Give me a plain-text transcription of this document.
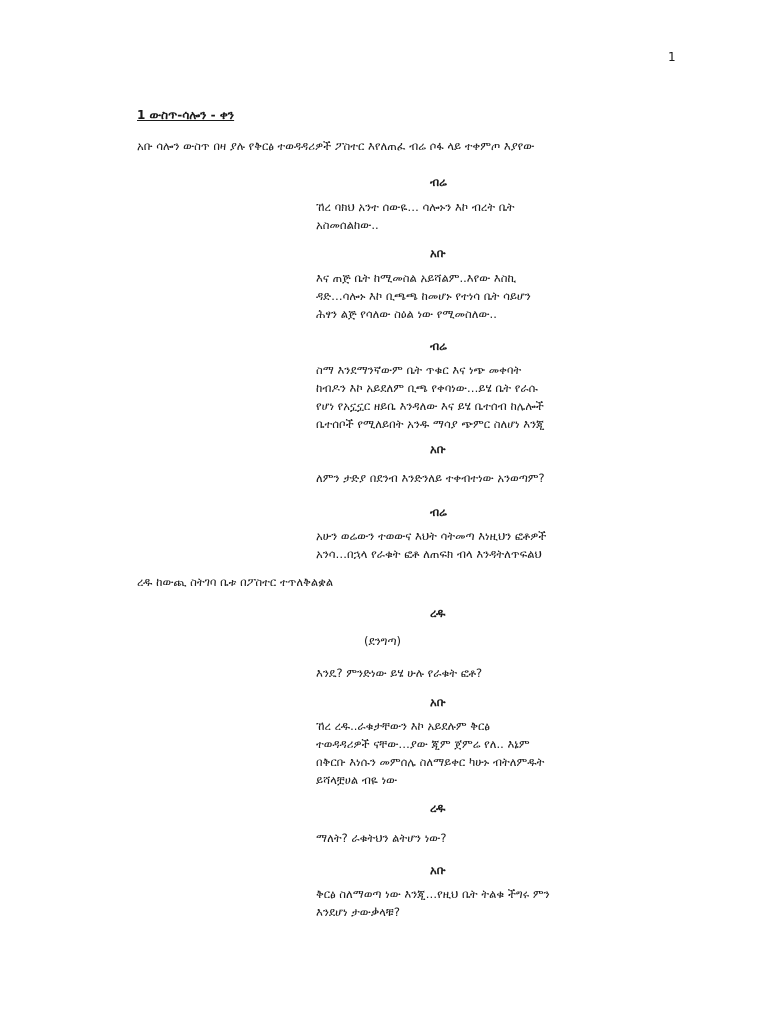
1
1 ውስጥ-ሳሎን - ቀን
አቡ ሳሎን ውስጥ በዛ ያሉ የቅርፅ ተወዳዳሪዎች ፖስተር እየለጠፈ ብሬ ሶፋ ላይ ተቀምጦ እያየው
ብሬ
ኸረ ባክህ አንተ ሰውዬ… ሳሎኑን እኮ ብረት ቤት
አስመሰልከው..
አቡ
እና ጠጅ ቤት ከሚመስል አይሻልም..እየው እስኪ
ዳድ…ሳሎኑ እኮ ቢጫጫ ከመሆኑ የተነሳ ቤት ሳይሆን
ሕፃን ልጅ የሳለው ስዕል ነው የሚመስለው..
ብሬ
ስማ እንደማንኛውም ቤት ጥቁር እና ነጭ መቀባት
ከብዶን እኮ አይደለም ቢጫ የቀባነው…ይሄ ቤት የራሱ
የሆነ የአኗኗር ዘይቤ እንዳለው እና ይሄ ቤተሰብ ከሌሎች
ቤተሰቦች የሚለይበት አንዱ ማሳያ ጭምር ስለሆነ እንጂ
አቡ
ለምን ታድያ በደንብ እንድንለይ ተቀብተነው አንወጣም?
ብሬ
አሁን ወሬውን ተወውና እህት ሳትመጣ እነዚህን ፎቶዎች
አንሳ…በኋላ የራቁት ፎቶ ለጠፍክ ብላ እንዳትለጥፍልህ
ረዱ ከውጪ ስትገባ ቤቱ በፖስተር ተጥለቅልቋል
ረዱ
(ደንግጣ)
እንዴ? ምንድነው ይሄ ሁሉ የራቁት ፎቶ?
አቡ
ኸረ ረዱ..ራቁታቸውን እኮ አይደሉም ቅርፅ
ተወዳዳሪዎች ናቸው…ያው ጂም ጀምሬ የለ.. እኔም
በቅርቡ እነሱን መምሰሌ ስለማይቀር ካሁኑ ብትለምዱት
ይሻላቿሀል ብዬ ነው
ረዱ
ማለት? ራቁትህን ልትሆን ነው?
አቡ
ቅርፅ ስለማወጣ ነው እንጂ…የዚህ ቤት ትልቁ ችግሩ ምን
እንደሆነ ታውቃላቹ?
